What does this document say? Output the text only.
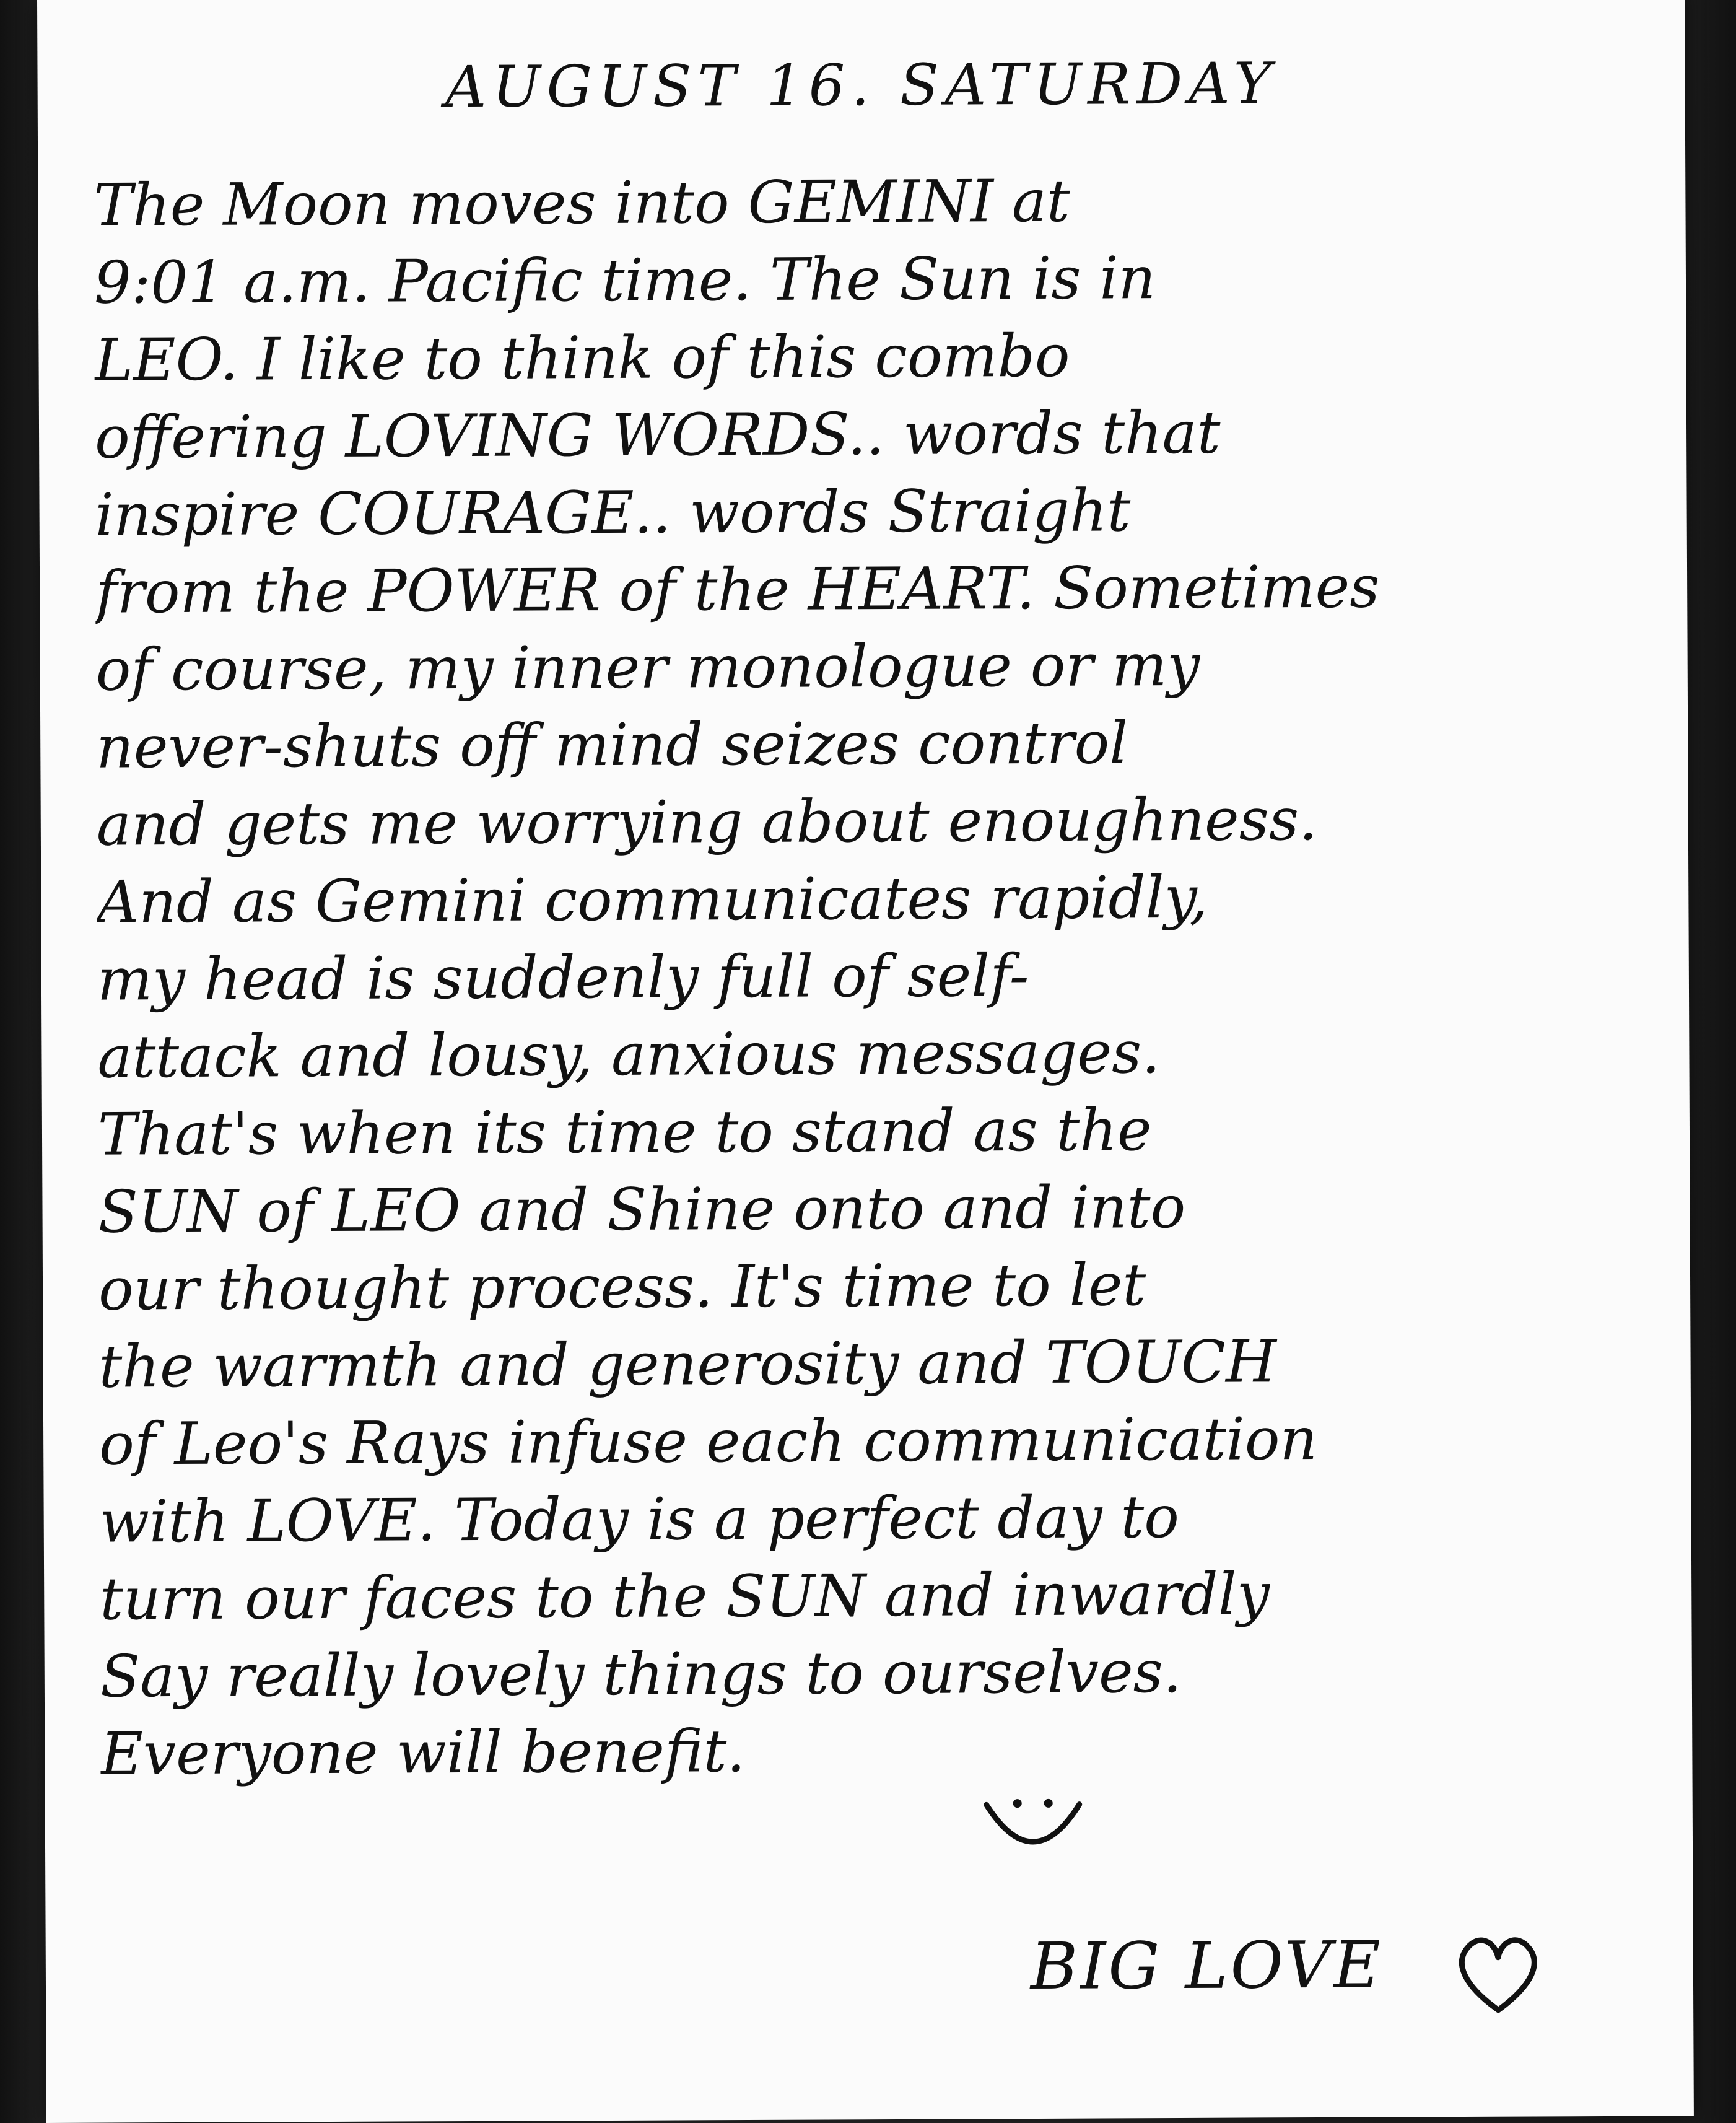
AUGUST 16. SATURDAY
The Moon moves into GEMINI at
9:01 a.m. Pacific time. The Sun is in
LEO. I like to think of this combo
offering LOVING WORDS.. words that
inspire COURAGE.. words Straight
from the POWER of the HEART. Sometimes
of course, my inner monologue or my
never-shuts off mind seizes control
and gets me worrying about enoughness.
And as Gemini communicates rapidly,
my head is suddenly full of self-
attack and lousy, anxious messages.
That's when its time to stand as the
SUN of LEO and Shine onto and into
our thought process. It's time to let
the warmth and generosity and TOUCH
of Leo's Rays infuse each communication
with LOVE. Today is a perfect day to
turn our faces to the SUN and inwardly
Say really lovely things to ourselves.
Everyone will benefit.
BIG LOVE
